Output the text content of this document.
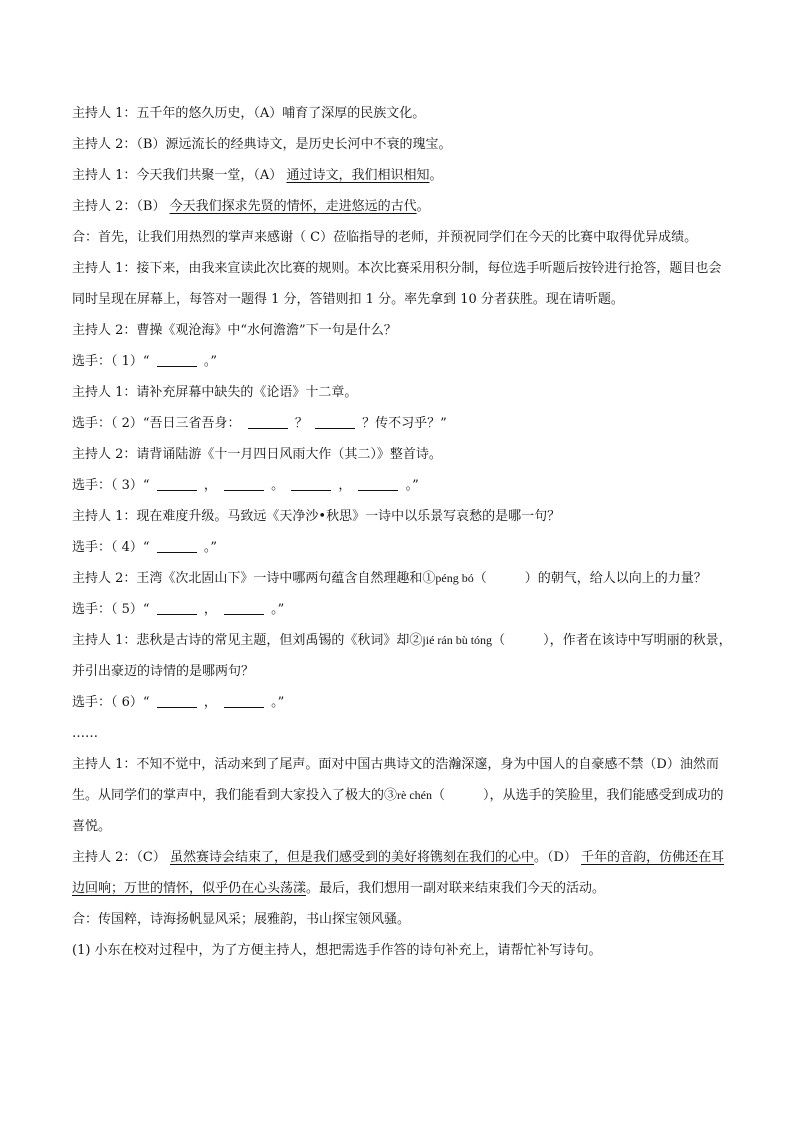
主持人 1：五千年的悠久历史，（A）哺育了深厚的民族文化。

主持人 2：（B）源远流长的经典诗文，是历史长河中不衰的瑰宝。

主持人 1：今天我们共聚一堂，（A） 通过诗文，我们相识相知。

主持人 2：（B） 今天我们探求先贤的情怀，走进悠远的古代。

合：首先，让我们用热烈的掌声来感谢（ C）莅临指导的老师，并预祝同学们在今天的比赛中取得优异成绩。

主持人 1：接下来，由我来宣读此次比赛的规则。本次比赛采用积分制，每位选手听题后按铃进行抢答，题目也会同时呈现在屏幕上，每答对一题得 1 分，答错则扣 1 分。率先拿到 10 分者获胜。现在请听题。

主持人 2：曹操《观沧海》中“水何澹澹”下一句是什么？

选手：（ 1）“	。”

主持人 1：请补充屏幕中缺失的《论语》十二章。

选手：（ 2）“吾日三省吾身：	？	？传不习乎？”

主持人 2：请背诵陆游《十一月四日风雨大作（其二）》整首诗。

选手：（ 3）“	，	。	，	。”

主持人 1：现在难度升级。马致远《天净沙•秋思》一诗中以乐景写哀愁的是哪一句？

选手：（ 4）“	。”

主持人 2：王湾《次北固山下》一诗中哪两句蕴含自然理趣和①péng bó（	）的朝气，给人以向上的力量？

选手：（ 5）“	，	。”

主持人 1：悲秋是古诗的常见主题，但刘禹锡的《秋词》却②jié rán bù tóng（	），作者在该诗中写明丽的秋景，并引出豪迈的诗情的是哪两句？

选手：（ 6）“	，	。”

……

主持人 1：不知不觉中，活动来到了尾声。面对中国古典诗文的浩瀚深邃，身为中国人的自豪感不禁（D）油然而生。从同学们的掌声中，我们能看到大家投入了极大的③rè chén（	），从选手的笑脸里，我们能感受到成功的喜悦。

主持人 2：（C） 虽然赛诗会结束了，但是我们感受到的美好将镌刻在我们的心中。（D） 千年的音韵，仿佛还在耳边回响；万世的情怀，似乎仍在心头荡漾。最后，我们想用一副对联来结束我们今天的活动。

合：传国粹，诗海扬帆显风采；展雅韵，书山探宝领风骚。

(1) 小东在校对过程中，为了方便主持人，想把需选手作答的诗句补充上，请帮忙补写诗句。
